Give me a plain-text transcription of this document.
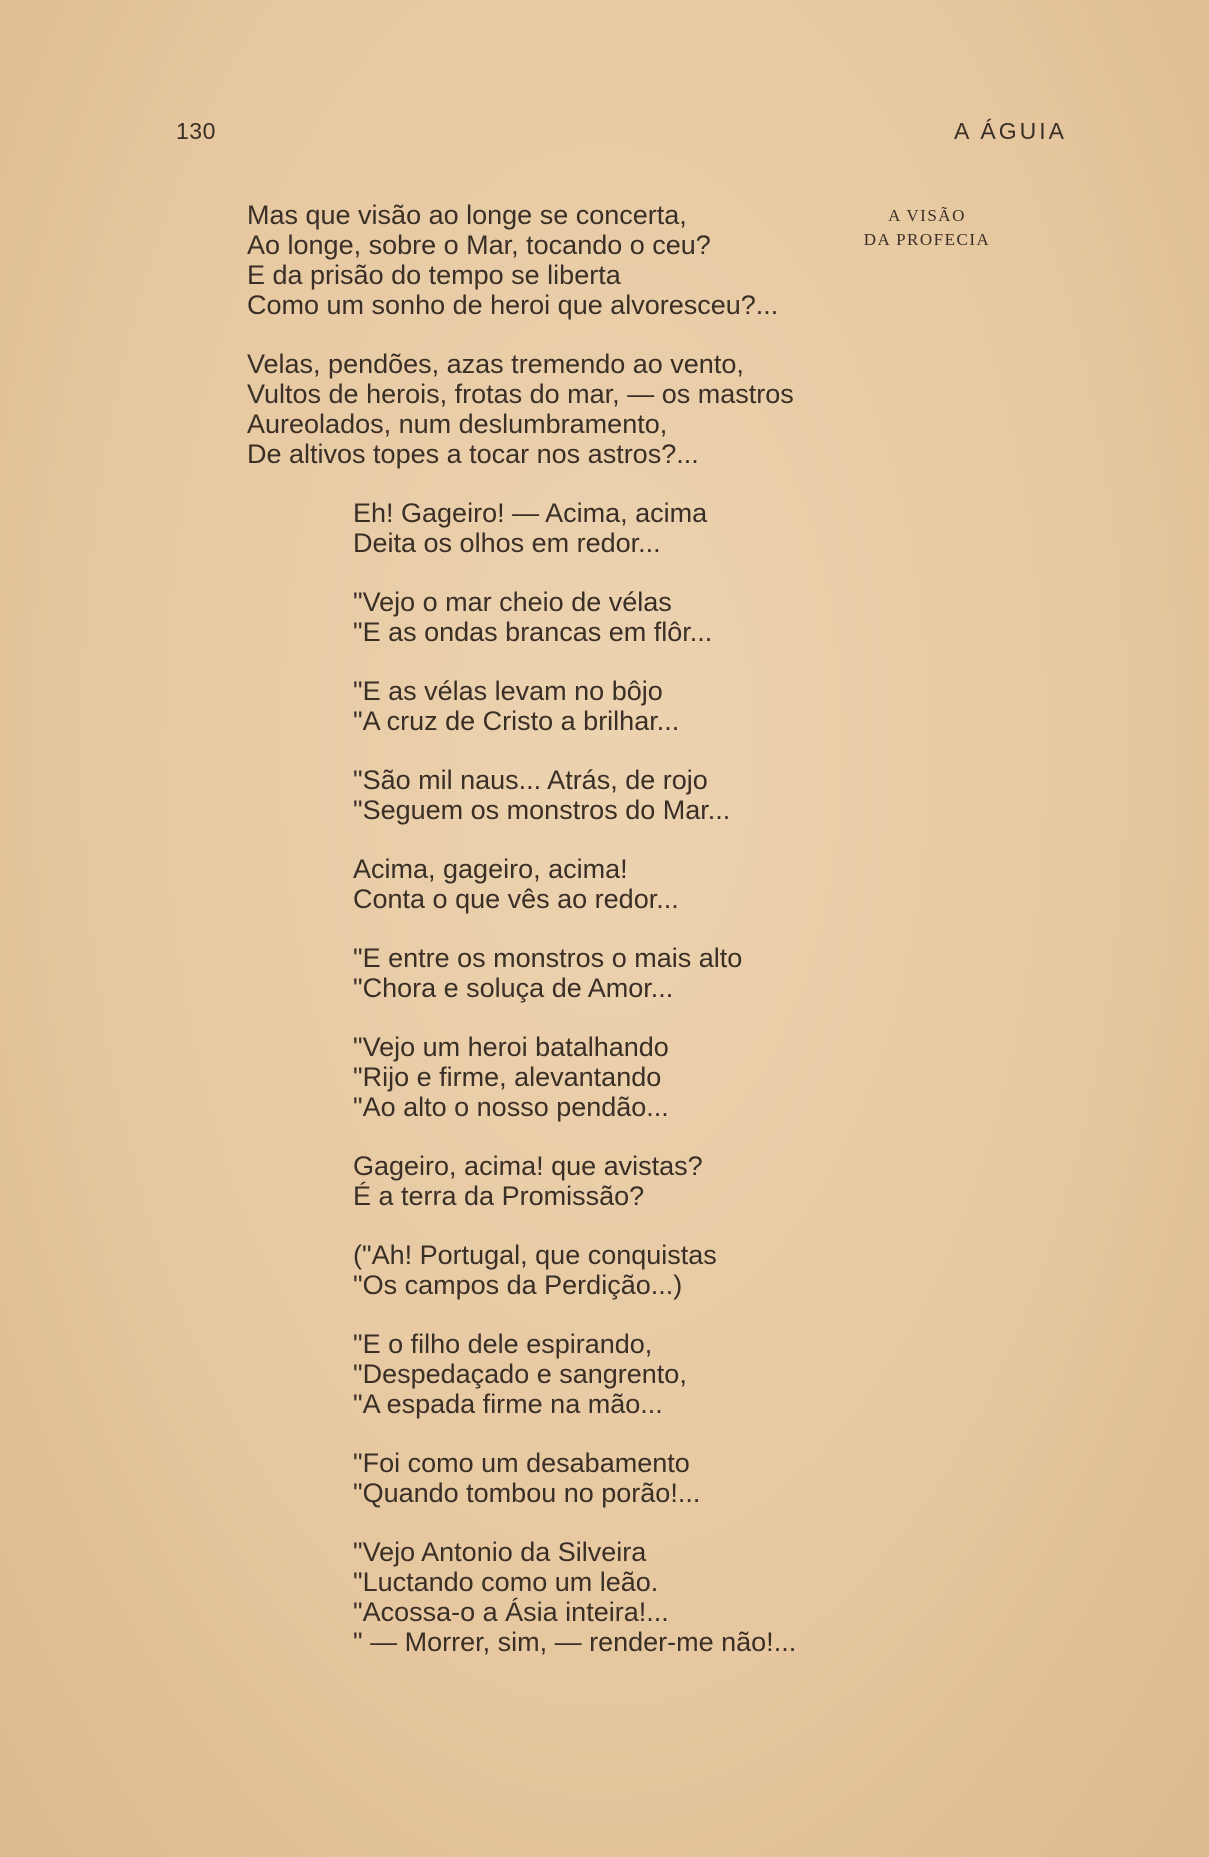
130	A ÁGUIA
A VISÃO
DA PROFECIA
Mas que visão ao longe se concerta,
Ao longe, sobre o Mar, tocando o ceu?
E da prisão do tempo se liberta
Como um sonho de heroi que alvoresceu?...
Velas, pendões, azas tremendo ao vento,
Vultos de herois, frotas do mar, — os mastros
Aureolados, num deslumbramento,
De altivos topes a tocar nos astros?...
Eh! Gageiro! — Acima, acima
Deita os olhos em redor...
"Vejo o mar cheio de vélas
"E as ondas brancas em flôr...
"E as vélas levam no bôjo
"A cruz de Cristo a brilhar...
"São mil naus... Atrás, de rojo
"Seguem os monstros do Mar...
Acima, gageiro, acima!
Conta o que vês ao redor...
"E entre os monstros o mais alto
"Chora e soluça de Amor...
"Vejo um heroi batalhando
"Rijo e firme, alevantando
"Ao alto o nosso pendão...
Gageiro, acima! que avistas?
É a terra da Promissão?
("Ah! Portugal, que conquistas
"Os campos da Perdição...)
"E o filho dele espirando,
"Despedaçado e sangrento,
"A espada firme na mão...
"Foi como um desabamento
"Quando tombou no porão!...
"Vejo Antonio da Silveira
"Luctando como um leão.
"Acossa-o a Ásia inteira!...
" — Morrer, sim, — render-me não!...
